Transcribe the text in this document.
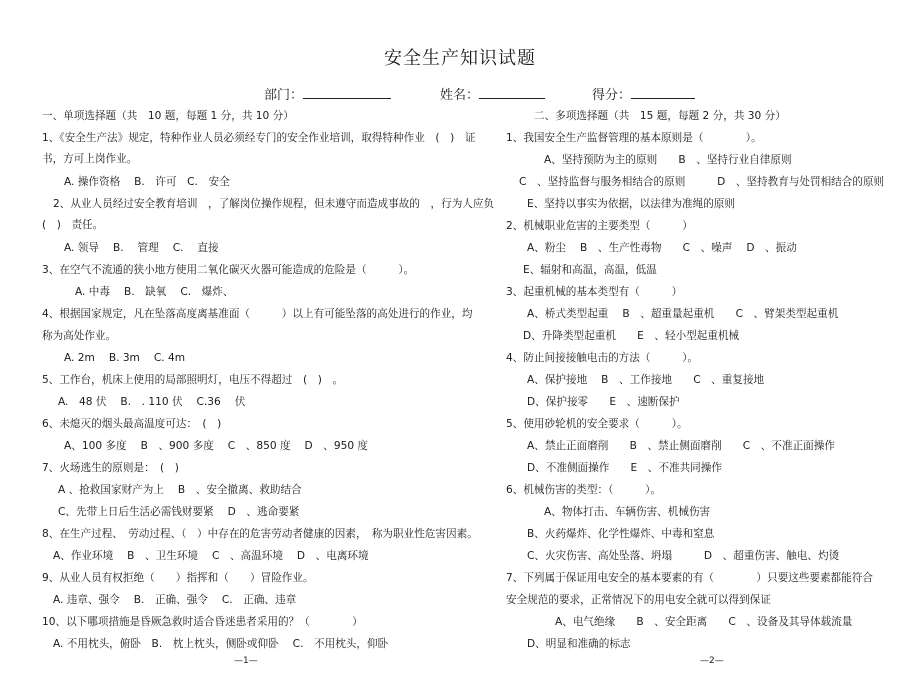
安全生产知识试题
部门：	姓名：	得分：
一、单项选择题（共　10 题，每题 1 分，共 10 分）
1、《安全生产法》规定，特种作业人员必须经专门的安全作业培训，取得特种作业　(　)　证
书，方可上岗作业。
A. 操作资格　 B.　许可　C.　安全
2、从业人员经过安全教育培训　，了解岗位操作规程，但未遵守而造成事故的　，行为人应负
(　)　责任。
A. 领导　 B.　 管理　 C.　 直接
3、在空气不流通的狭小地方使用二氧化碳灭火器可能造成的危险是（　　　）。
A. 中毒　 B.　缺氧　 C.　爆炸、
4、根据国家规定，凡在坠落高度离基准面（　　　）以上有可能坠落的高处进行的作业，均
称为高处作业。
A. 2m　 B. 3m　 C. 4m
5、工作台，机床上使用的局部照明灯，电压不得超过　(　)　。
A.　48 伏　 B.　. 110 伏　 C.36　 伏
6、未熄灭的烟头最高温度可达：　(　)
A、100 多度　 B　、900 多度　 C　、850 度　 D　、950 度
7、火场逃生的原则是：　(　)
A 、抢救国家财产为上　 B　、安全撤离、救助结合
C、先带上日后生活必需钱财要紧　 D　、逃命要紧
8、在生产过程、　劳动过程、（　）中存在的危害劳动者健康的因素，　称为职业性危害因素。
A、作业环境　 B　、卫生环境　 C　、高温环境　 D　、电离环境
9、从业人员有权拒绝（　　）指挥和（　　）冒险作业。
A. 违章、强令　 B.　正确、强令　 C.　正确、违章
10、以下哪项措施是昏厥急救时适合昏迷患者采用的？（　　　　）
A. 不用枕头，俯卧　B.　枕上枕头，侧卧或仰卧　 C.　不用枕头，仰卧
二、多项选择题（共　15 题，每题 2 分，共 30 分）
1、我国安全生产监督管理的基本原则是（　　　　）。
A、坚持预防为主的原则　　B　、坚持行业自律原则
C　、坚持监督与服务相结合的原则　　　D　、坚持教育与处罚相结合的原则
E、坚持以事实为依据，以法律为准绳的原则
2、机械职业危害的主要类型（　　　）
A、粉尘　 B　、生产性毒物　　C　、噪声　 D　、振动
E、辐射和高温，高温，低温
3、起重机械的基本类型有（　　　）
A、桥式类型起重　 B　、超重量起重机　　C　、臂架类型起重机
D、升降类型起重机　　E　、轻小型起重机械
4、防止间接接触电击的方法（　　　）。
A、保护接地　 B　、工作接地　　C　、重复接地
D、保护接零　　E　、速断保护
5、使用砂轮机的安全要求（　　　）。
A、禁止正面磨削　　B　、禁止侧面磨削　　C　、不准正面操作
D、不准侧面操作　　E　、不准共同操作
6、机械伤害的类型：（　　　）。
A、物体打击、车辆伤害、机械伤害
B、火药爆炸、化学性爆炸、中毒和窒息
C、火灾伤害、高处坠落、坍塌　　　D　、超重伤害、触电、灼烫
7、下列属于保证用电安全的基本要素的有（　　　　）只要这些要素都能符合
安全规范的要求，正常情况下的用电安全就可以得到保证
A、电气绝缘　　B　、安全距离　　C　、设备及其导体载流量
D、明显和准确的标志
—1—	—2—
